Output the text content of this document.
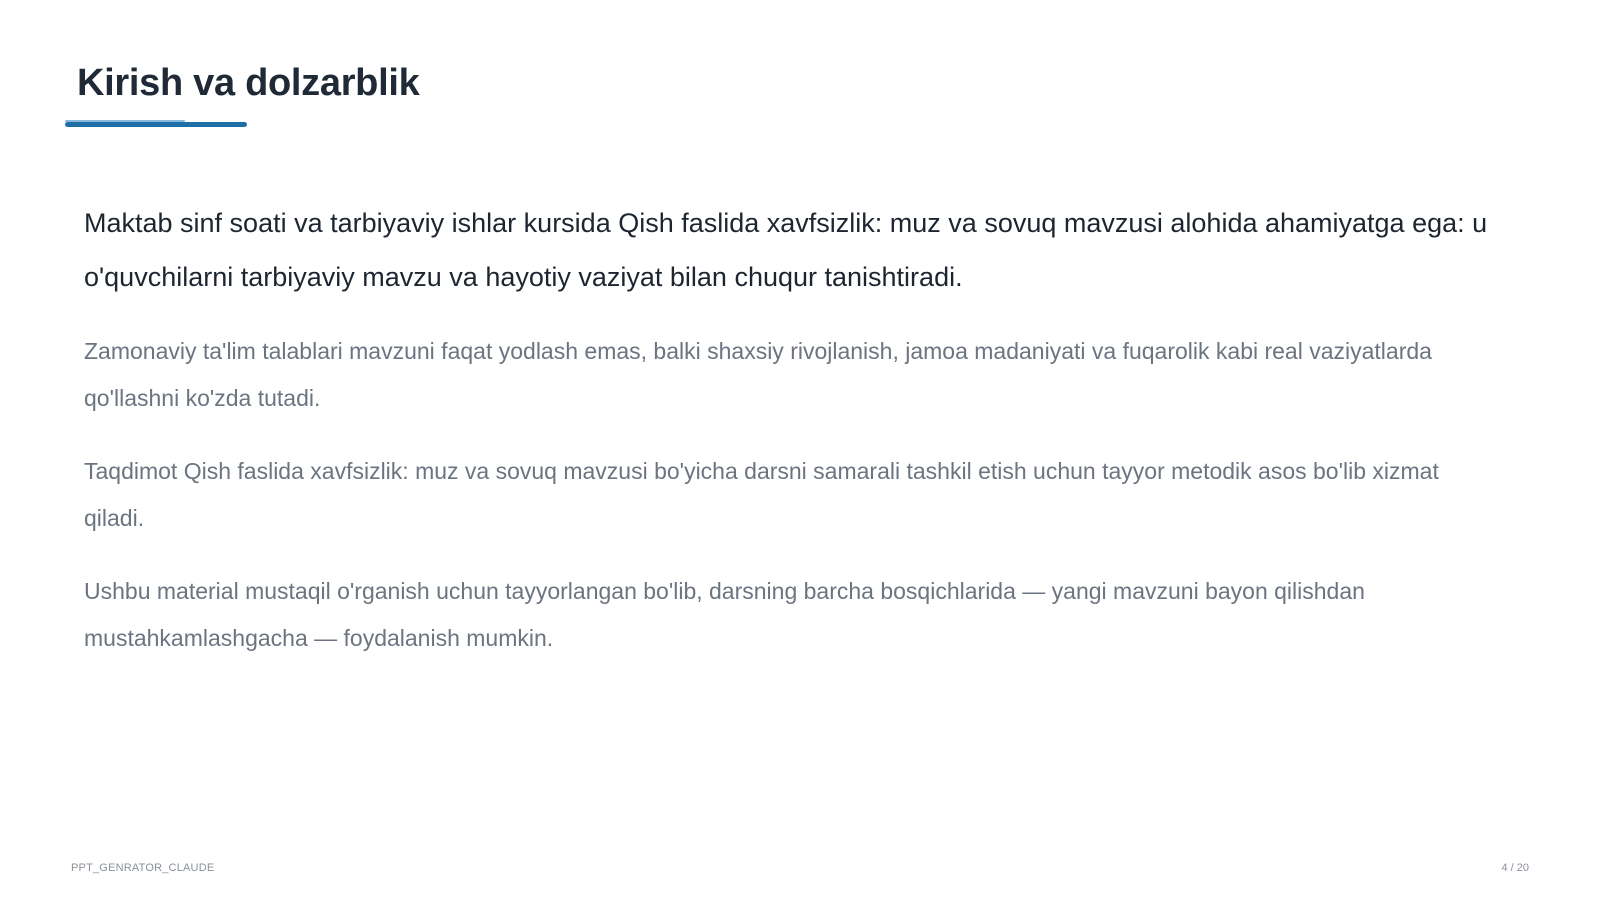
Kirish va dolzarblik

Maktab sinf soati va tarbiyaviy ishlar kursida Qish faslida xavfsizlik: muz va sovuq mavzusi alohida ahamiyatga ega: u o'quvchilarni tarbiyaviy mavzu va hayotiy vaziyat bilan chuqur tanishtiradi.

Zamonaviy ta'lim talablari mavzuni faqat yodlash emas, balki shaxsiy rivojlanish, jamoa madaniyati va fuqarolik kabi real vaziyatlarda qo'llashni ko'zda tutadi.

Taqdimot Qish faslida xavfsizlik: muz va sovuq mavzusi bo'yicha darsni samarali tashkil etish uchun tayyor metodik asos bo'lib xizmat qiladi.

Ushbu material mustaqil o'rganish uchun tayyorlangan bo'lib, darsning barcha bosqichlarida — yangi mavzuni bayon qilishdan mustahkamlashgacha — foydalanish mumkin.

PPT_GENRATOR_CLAUDE	4 / 20
